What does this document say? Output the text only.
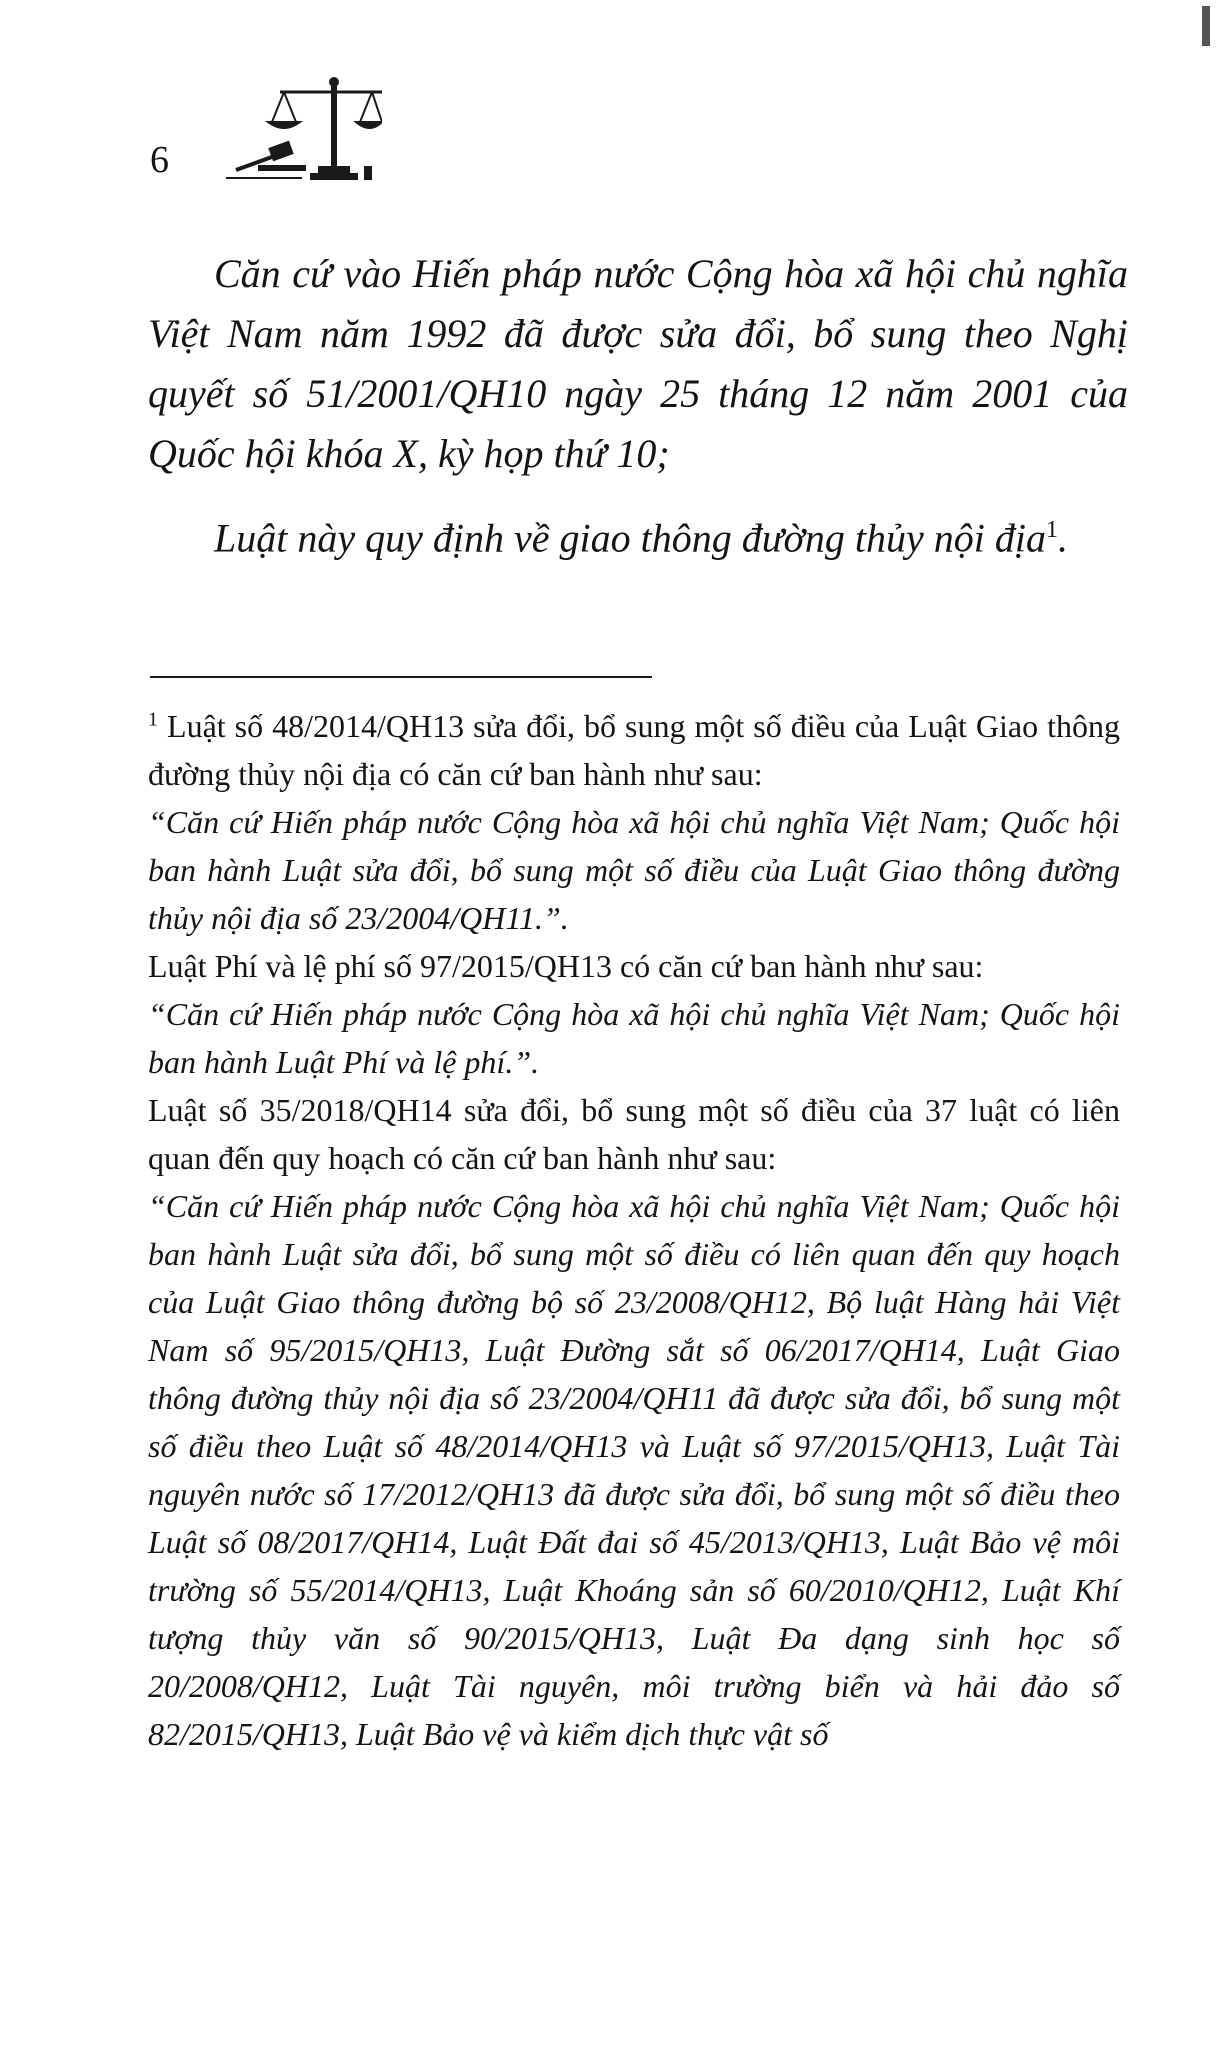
6

Căn cứ vào Hiến pháp nước Cộng hòa xã hội chủ nghĩa Việt Nam năm 1992 đã được sửa đổi, bổ sung theo Nghị quyết số 51/2001/QH10 ngày 25 tháng 12 năm 2001 của Quốc hội khóa X, kỳ họp thứ 10;

Luật này quy định về giao thông đường thủy nội địa$^1$.

$^1$ Luật số 48/2014/QH13 sửa đổi, bổ sung một số điều của Luật Giao thông đường thủy nội địa có căn cứ ban hành như sau:

“Căn cứ Hiến pháp nước Cộng hòa xã hội chủ nghĩa Việt Nam; Quốc hội ban hành Luật sửa đổi, bổ sung một số điều của Luật Giao thông đường thủy nội địa số 23/2004/QH11.”.

Luật Phí và lệ phí số 97/2015/QH13 có căn cứ ban hành như sau:

“Căn cứ Hiến pháp nước Cộng hòa xã hội chủ nghĩa Việt Nam; Quốc hội ban hành Luật Phí và lệ phí.”.

Luật số 35/2018/QH14 sửa đổi, bổ sung một số điều của 37 luật có liên quan đến quy hoạch có căn cứ ban hành như sau:

“Căn cứ Hiến pháp nước Cộng hòa xã hội chủ nghĩa Việt Nam; Quốc hội ban hành Luật sửa đổi, bổ sung một số điều có liên quan đến quy hoạch của Luật Giao thông đường bộ số 23/2008/QH12, Bộ luật Hàng hải Việt Nam số 95/2015/QH13, Luật Đường sắt số 06/2017/QH14, Luật Giao thông đường thủy nội địa số 23/2004/QH11 đã được sửa đổi, bổ sung một số điều theo Luật số 48/2014/QH13 và Luật số 97/2015/QH13, Luật Tài nguyên nước số 17/2012/QH13 đã được sửa đổi, bổ sung một số điều theo Luật số 08/2017/QH14, Luật Đất đai số 45/2013/QH13, Luật Bảo vệ môi trường số 55/2014/QH13, Luật Khoáng sản số 60/2010/QH12, Luật Khí tượng thủy văn số 90/2015/QH13, Luật Đa dạng sinh học số 20/2008/QH12, Luật Tài nguyên, môi trường biển và hải đảo số 82/2015/QH13, Luật Bảo vệ và kiểm dịch thực vật số
